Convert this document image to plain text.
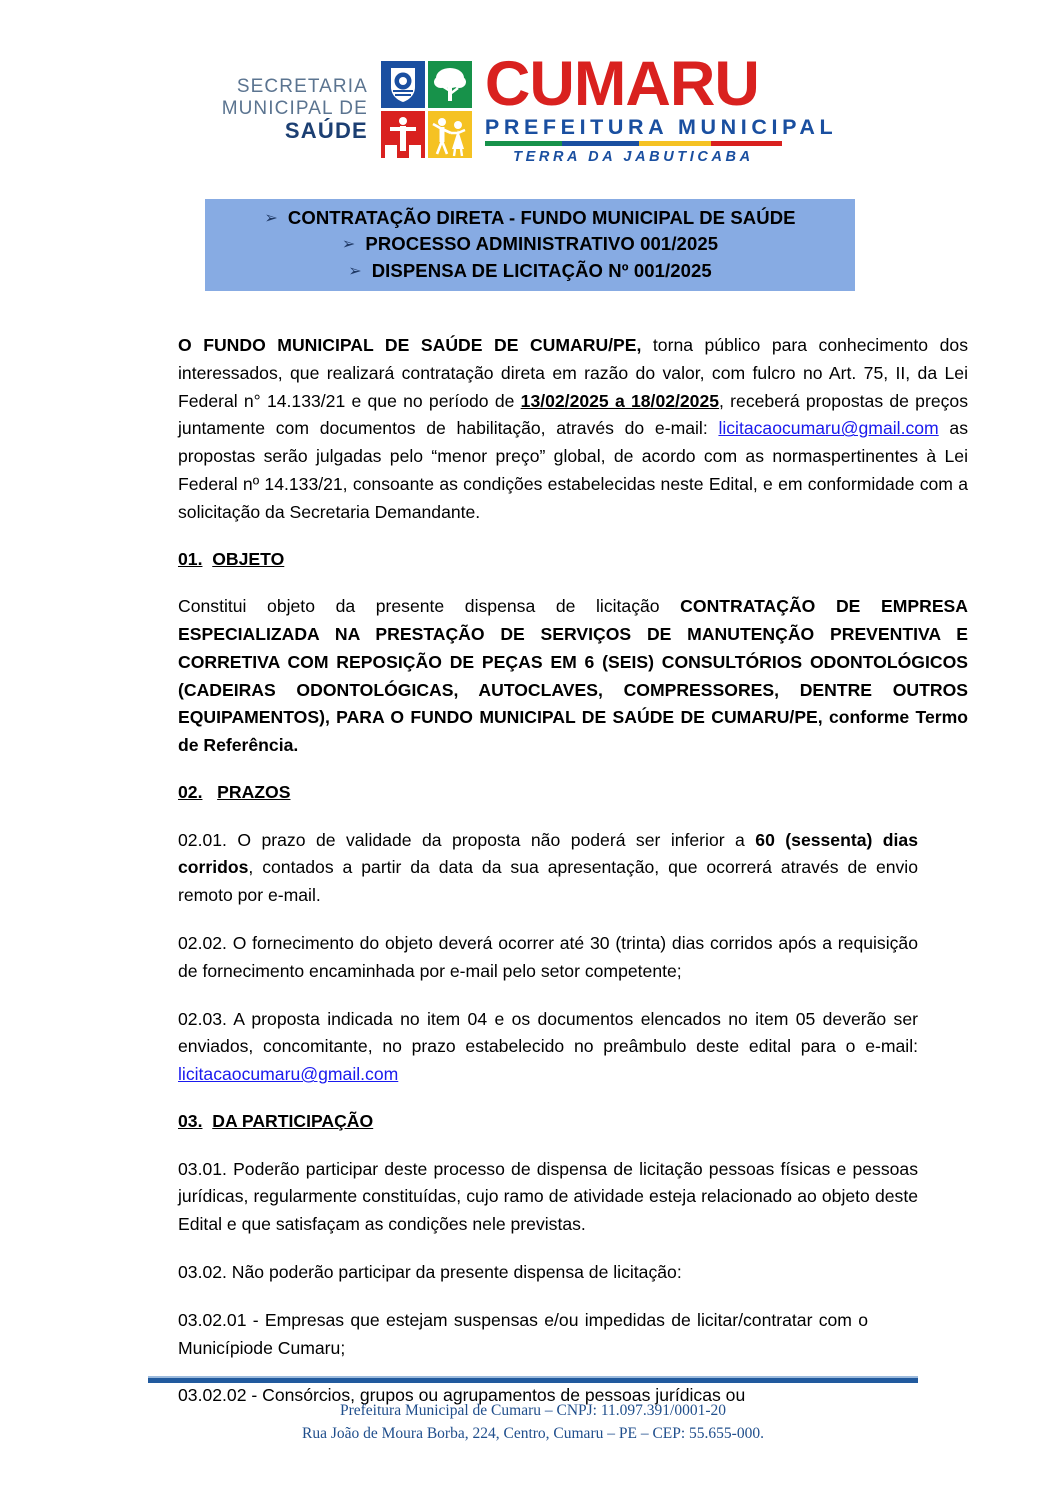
SECRETARIA
MUNICIPAL DE
SAÚDE
CUMARU
PREFEITURA MUNICIPAL
TERRA DA JABUTICABA
➢ CONTRATAÇÃO DIRETA - FUNDO MUNICIPAL DE SAÚDE
➢ PROCESSO ADMINISTRATIVO 001/2025
➢ DISPENSA DE LICITAÇÃO Nº 001/2025

O FUNDO MUNICIPAL DE SAÚDE DE CUMARU/PE, torna público para conhecimento dos interessados, que realizará contratação direta em razão do valor, com fulcro no Art. 75, II, da Lei Federal n° 14.133/21 e que no período de 13/02/2025 a 18/02/2025, receberá propostas de preços juntamente com documentos de habilitação, através do e-mail: licitacaocumaru@gmail.com as propostas serão julgadas pelo “menor preço” global, de acordo com as normaspertinentes à Lei Federal nº 14.133/21, consoante as condições estabelecidas neste Edital, e em conformidade com a solicitação da Secretaria Demandante.

01. OBJETO

Constitui objeto da presente dispensa de licitação CONTRATAÇÃO DE EMPRESA ESPECIALIZADA NA PRESTAÇÃO DE SERVIÇOS DE MANUTENÇÃO PREVENTIVA E CORRETIVA COM REPOSIÇÃO DE PEÇAS EM 6 (SEIS) CONSULTÓRIOS ODONTOLÓGICOS (CADEIRAS ODONTOLÓGICAS, AUTOCLAVES, COMPRESSORES, DENTRE OUTROS EQUIPAMENTOS), PARA O FUNDO MUNICIPAL DE SAÚDE DE CUMARU/PE, conforme Termo de Referência.

02. PRAZOS

02.01. O prazo de validade da proposta não poderá ser inferior a 60 (sessenta) dias corridos, contados a partir da data da sua apresentação, que ocorrerá através de envio remoto por e-mail.

02.02. O fornecimento do objeto deverá ocorrer até 30 (trinta) dias corridos após a requisição de fornecimento encaminhada por e-mail pelo setor competente;

02.03. A proposta indicada no item 04 e os documentos elencados no item 05 deverão ser enviados, concomitante, no prazo estabelecido no preâmbulo deste edital para o e-mail: licitacaocumaru@gmail.com

03. DA PARTICIPAÇÃO

03.01. Poderão participar deste processo de dispensa de licitação pessoas físicas e pessoas jurídicas, regularmente constituídas, cujo ramo de atividade esteja relacionado ao objeto deste Edital e que satisfaçam as condições nele previstas.

03.02. Não poderão participar da presente dispensa de licitação:

03.02.01 - Empresas que estejam suspensas e/ou impedidas de licitar/contratar com o Municípiode Cumaru;

03.02.02 - Consórcios, grupos ou agrupamentos de pessoas jurídicas ou

Prefeitura Municipal de Cumaru – CNPJ: 11.097.391/0001-20
Rua João de Moura Borba, 224, Centro, Cumaru – PE – CEP: 55.655-000.
